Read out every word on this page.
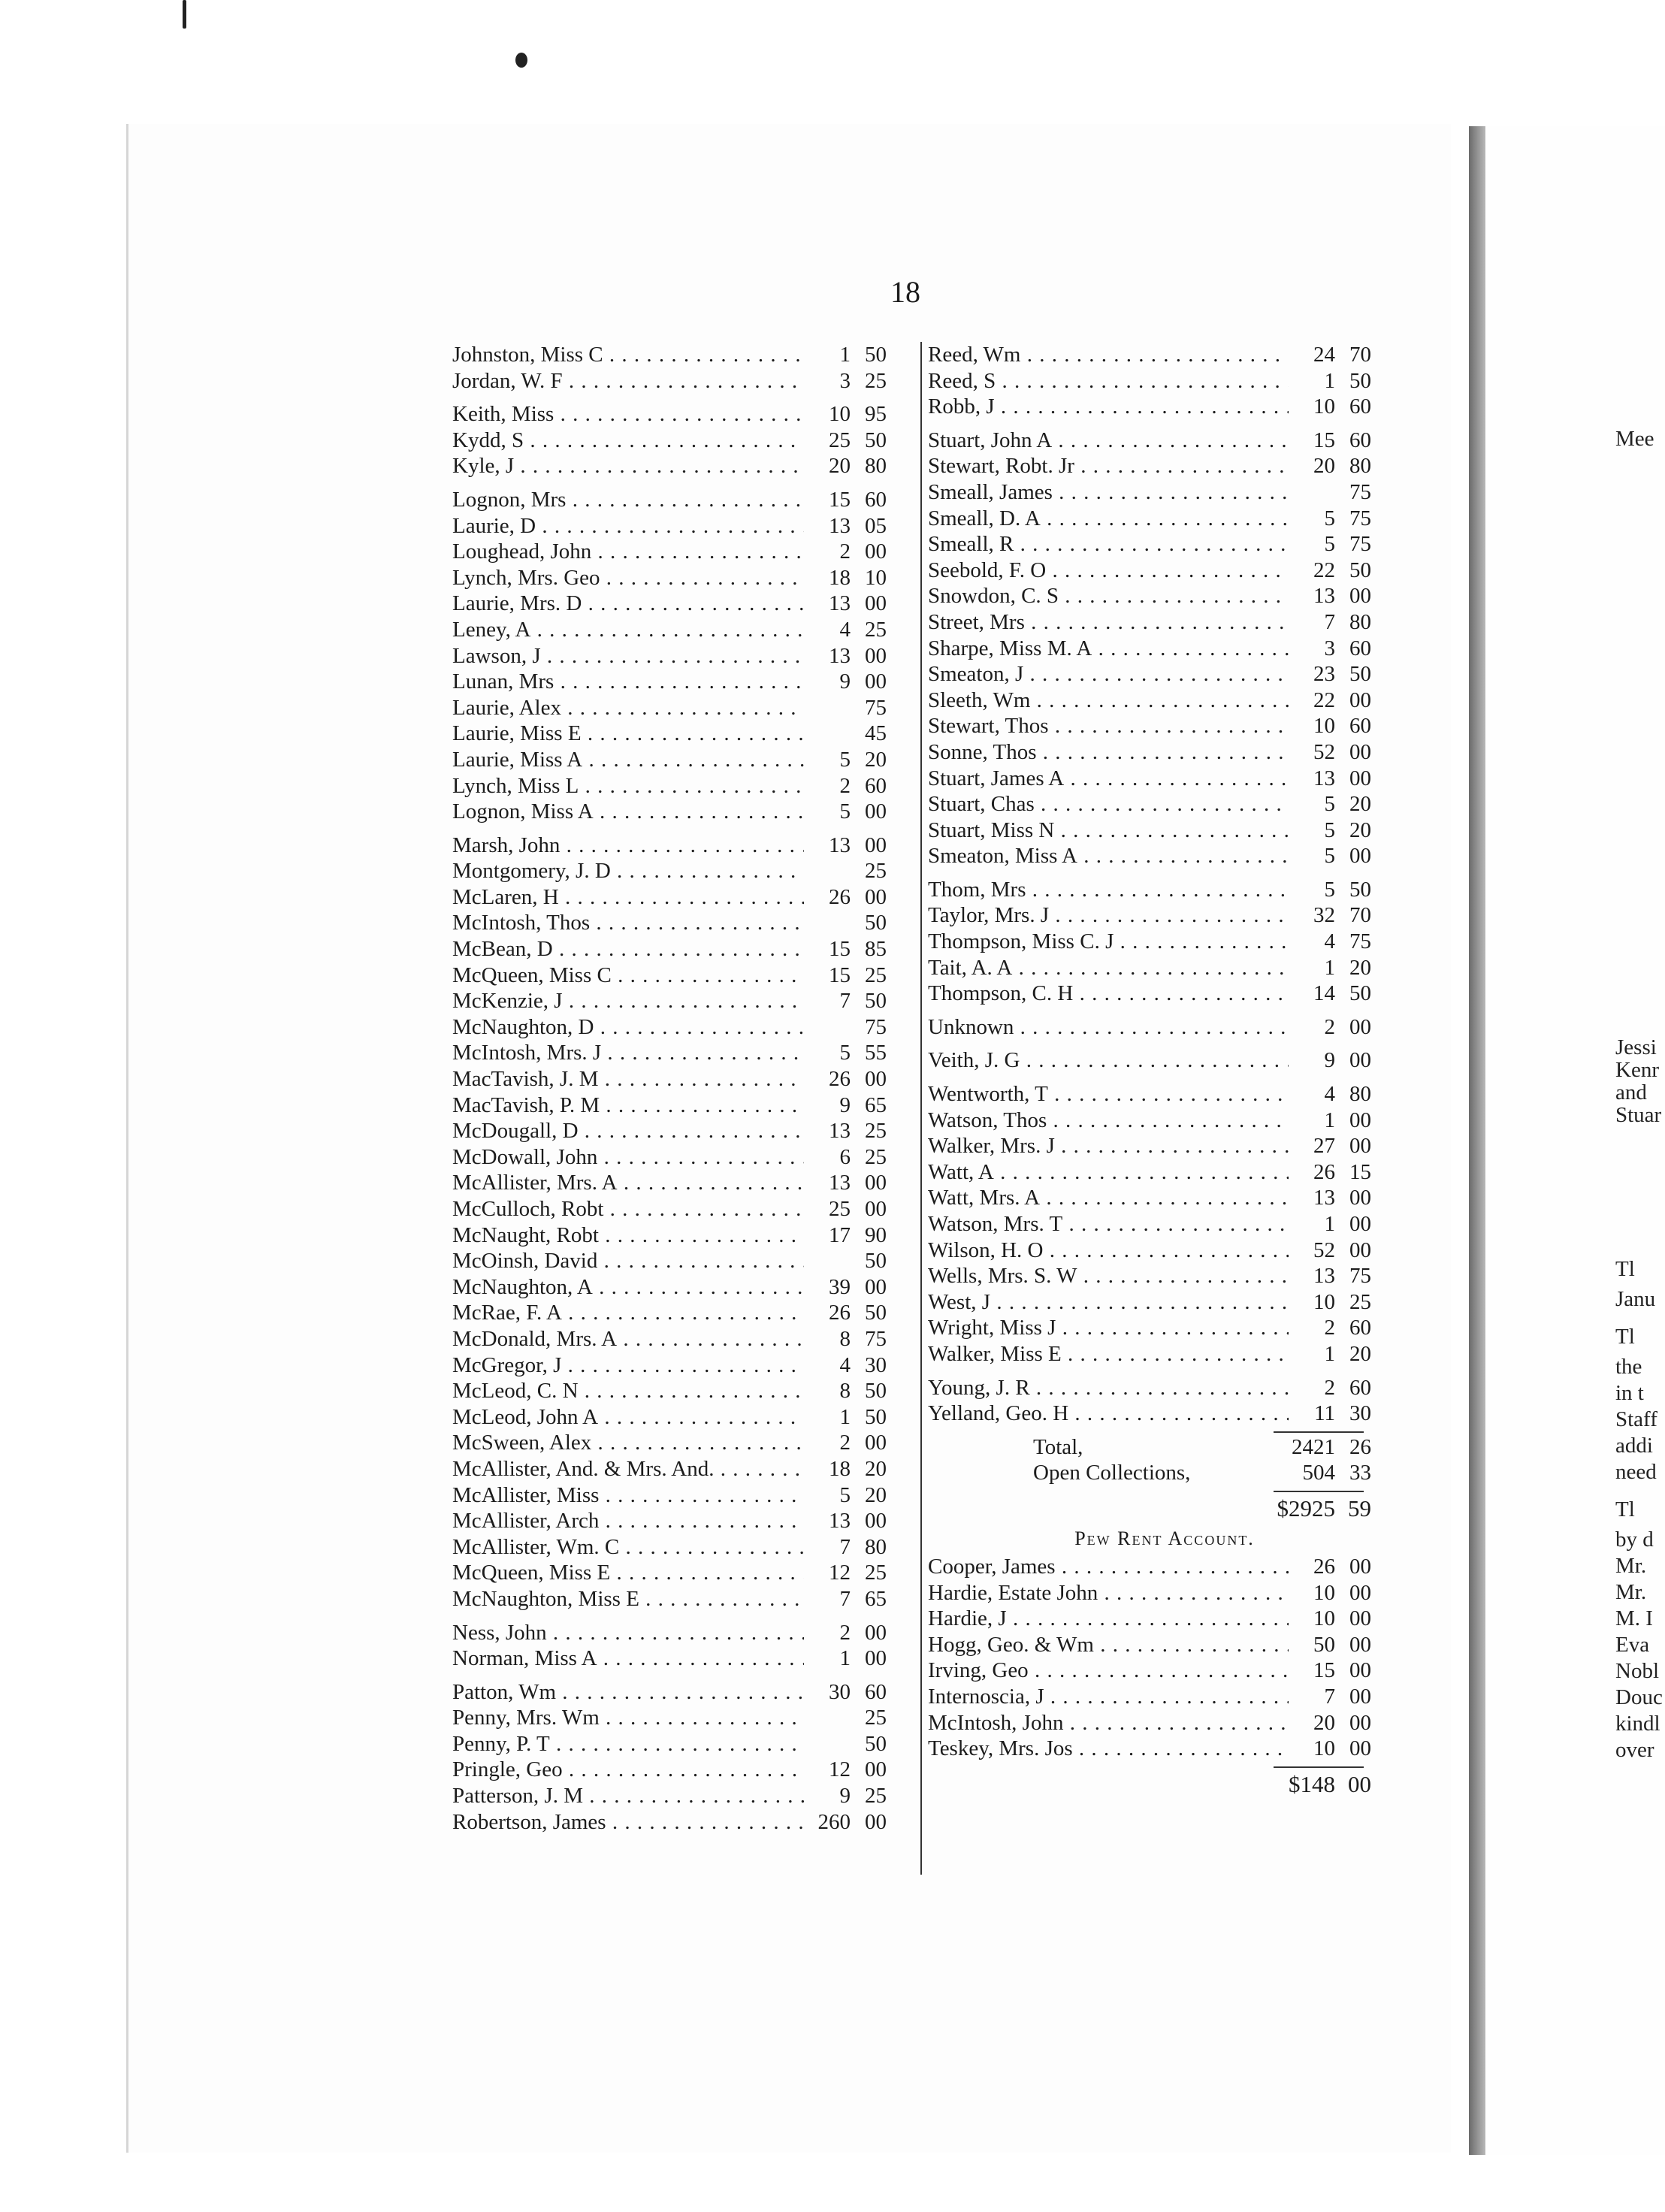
18
Johnston, Miss C . . .	1 50
Jordan, W. F . . .	3 25
Keith, Miss . . .	10 95
Kydd, S . . .	25 50
Kyle, J . . .	20 80
Lognon, Mrs . . .	15 60
Laurie, D . . .	13 05
Loughead, John . . .	2 00
Lynch, Mrs. Geo . . .	18 10
Laurie, Mrs. D . . .	13 00
Leney, A . . .	4 25
Lawson, J . . .	13 00
Lunan, Mrs . . .	9 00
Laurie, Alex . . .	75
Laurie, Miss E . . .	45
Laurie, Miss A . . .	5 20
Lynch, Miss L . . .	2 60
Lognon, Miss A . . .	5 00
Marsh, John . . .	13 00
Montgomery, J. D . . .	25
McLaren, H . . .	26 00
McIntosh, Thos . . .	50
McBean, D . . .	15 85
McQueen, Miss C . . .	15 25
McKenzie, J . . .	7 50
McNaughton, D . . .	75
McIntosh, Mrs. J . . .	5 55
MacTavish, J. M . . .	26 00
MacTavish, P. M . . .	9 65
McDougall, D . . .	13 25
McDowall, John . . .	6 25
McAllister, Mrs. A . . .	13 00
McCulloch, Robt . . .	25 00
McNaught, Robt . . .	17 90
McOinsh, David . . .	50
McNaughton, A . . .	39 00
McRae, F. A . . .	26 50
McDonald, Mrs. A . . .	8 75
McGregor, J . . .	4 30
McLeod, C. N . . .	8 50
McLeod, John A . . .	1 50
McSween, Alex . . .	2 00
McAllister, And. & Mrs. And. . . .	18 20
McAllister, Miss . . .	5 20
McAllister, Arch . . .	13 00
McAllister, Wm. C . . .	7 80
McQueen, Miss E . . .	12 25
McNaughton, Miss E . . .	7 65
Ness, John . . .	2 00
Norman, Miss A . . .	1 00
Patton, Wm . . .	30 60
Penny, Mrs. Wm . . .	25
Penny, P. T . . .	50
Pringle, Geo . . .	12 00
Patterson, J. M . . .	9 25
Robertson, James . . .	260 00
Reed, Wm . . .	24 70
Reed, S . . .	1 50
Robb, J . . .	10 60
Stuart, John A . . .	15 60
Stewart, Robt. Jr . . .	20 80
Smeall, James . . .	75
Smeall, D. A . . .	5 75
Smeall, R . . .	5 75
Seebold, F. O . . .	22 50
Snowdon, C. S . . .	13 00
Street, Mrs . . .	7 80
Sharpe, Miss M. A . . .	3 60
Smeaton, J . . .	23 50
Sleeth, Wm . . .	22 00
Stewart, Thos . . .	10 60
Sonne, Thos . . .	52 00
Stuart, James A . . .	13 00
Stuart, Chas . . .	5 20
Stuart, Miss N . . .	5 20
Smeaton, Miss A . . .	5 00
Thom, Mrs . . .	5 50
Taylor, Mrs. J . . .	32 70
Thompson, Miss C. J . . .	4 75
Tait, A. A . . .	1 20
Thompson, C. H . . .	14 50
Unknown . . .	2 00
Veith, J. G . . .	9 00
Wentworth, T . . .	4 80
Watson, Thos . . .	1 00
Walker, Mrs. J . . .	27 00
Watt, A . . .	26 15
Watt, Mrs. A . . .	13 00
Watson, Mrs. T . . .	1 00
Wilson, H. O . . .	52 00
Wells, Mrs. S. W . . .	13 75
West, J . . .	10 25
Wright, Miss J . . .	2 60
Walker, Miss E . . .	1 20
Young, J. R . . .	2 60
Yelland, Geo. H . . .	11 30
Total,	2421 26
Open Collections,	504 33
$2925 59
Pew Rent Account.
Cooper, James . . .	26 00
Hardie, Estate John . . .	10 00
Hardie, J . . .	10 00
Hogg, Geo. & Wm . . .	50 00
Irving, Geo . . .	15 00
Internoscia, J . . .	7 00
McIntosh, John . . .	20 00
Teskey, Mrs. Jos . . .	10 00
$148 00
Mee
Jessi
Kenr
and
Stuar
Tl
Janu
Tl
the
in t
Staff
addi
need
Tl
by d
Mr.
Mr.
M. I
Eva
Nobl
Douc
kindl
over
